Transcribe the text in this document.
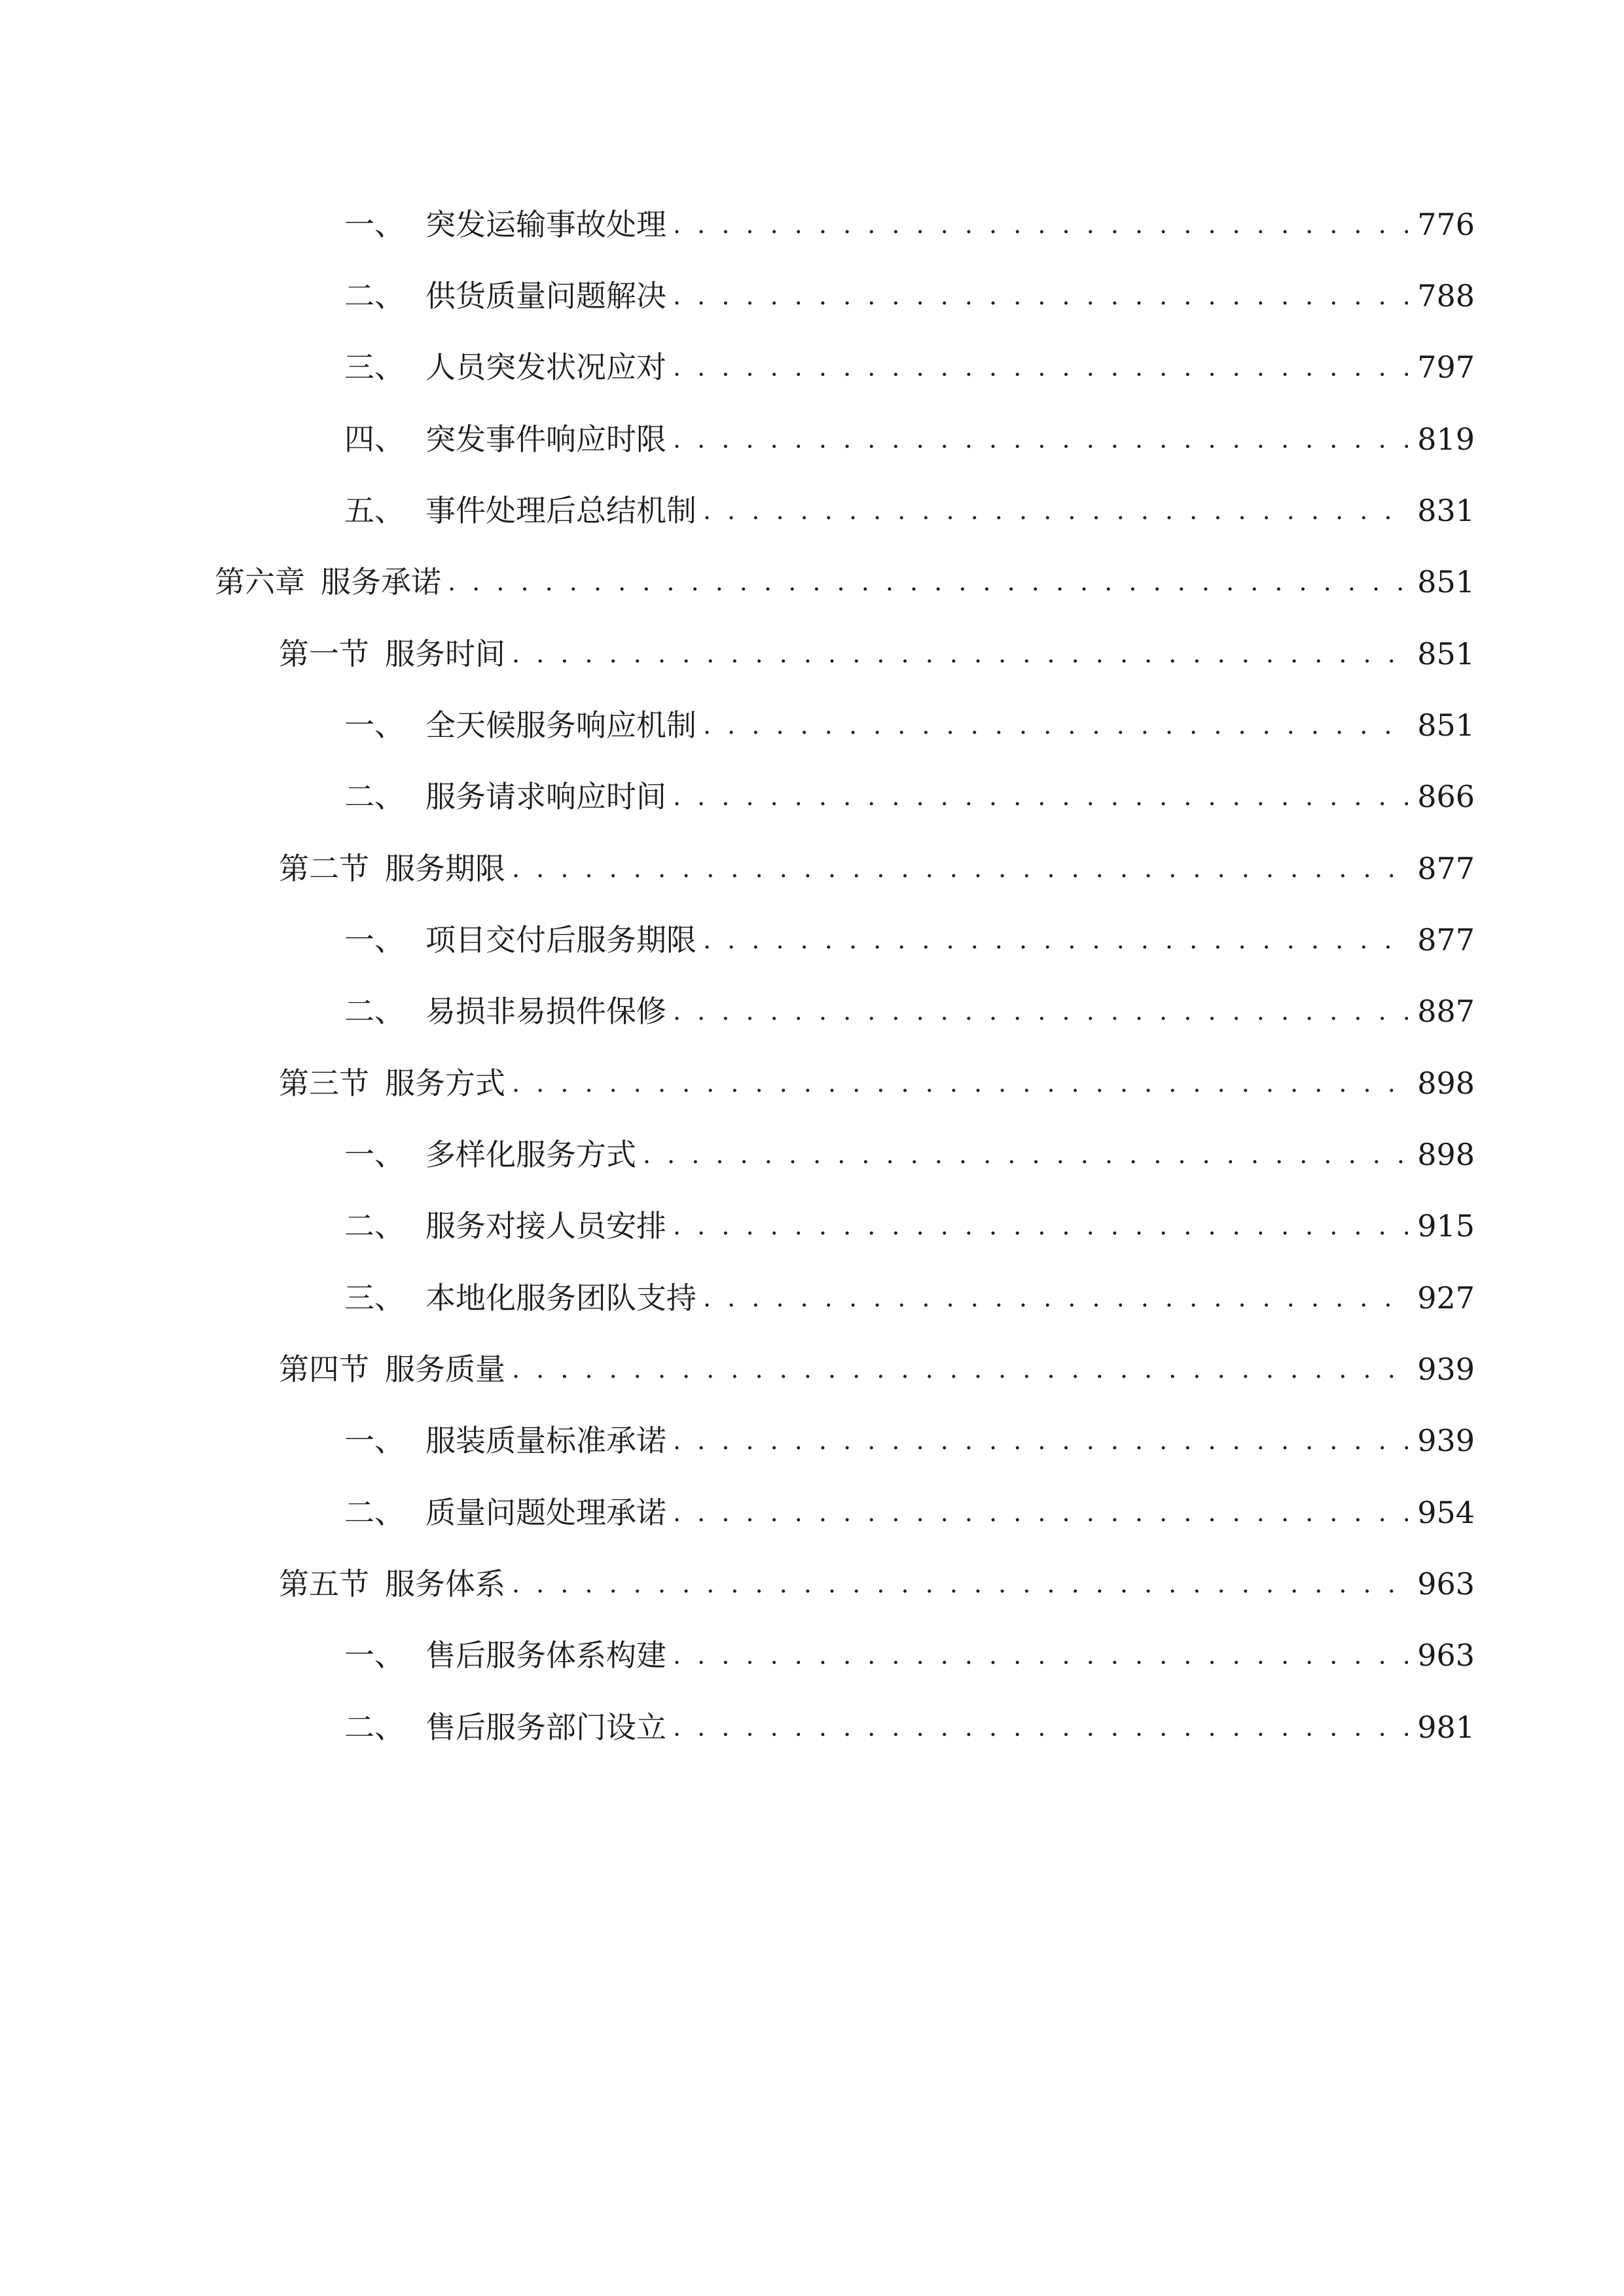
一、 突发运输事故处理 . . .	776
二、 供货质量问题解决 . . .	788
三、 人员突发状况应对 . . .	797
四、 突发事件响应时限 . . .	819
五、 事件处理后总结机制 . . .	831
第六章 服务承诺 . . .	851
第一节 服务时间 . . .	851
一、 全天候服务响应机制 . . .	851
二、 服务请求响应时间 . . .	866
第二节 服务期限 . . .	877
一、 项目交付后服务期限 . . .	877
二、 易损非易损件保修 . . .	887
第三节 服务方式 . . .	898
一、 多样化服务方式 . . .	898
二、 服务对接人员安排 . . .	915
三、 本地化服务团队支持 . . .	927
第四节 服务质量 . . .	939
一、 服装质量标准承诺 . . .	939
二、 质量问题处理承诺 . . .	954
第五节 服务体系 . . .	963
一、 售后服务体系构建 . . .	963
二、 售后服务部门设立 . . .	981
